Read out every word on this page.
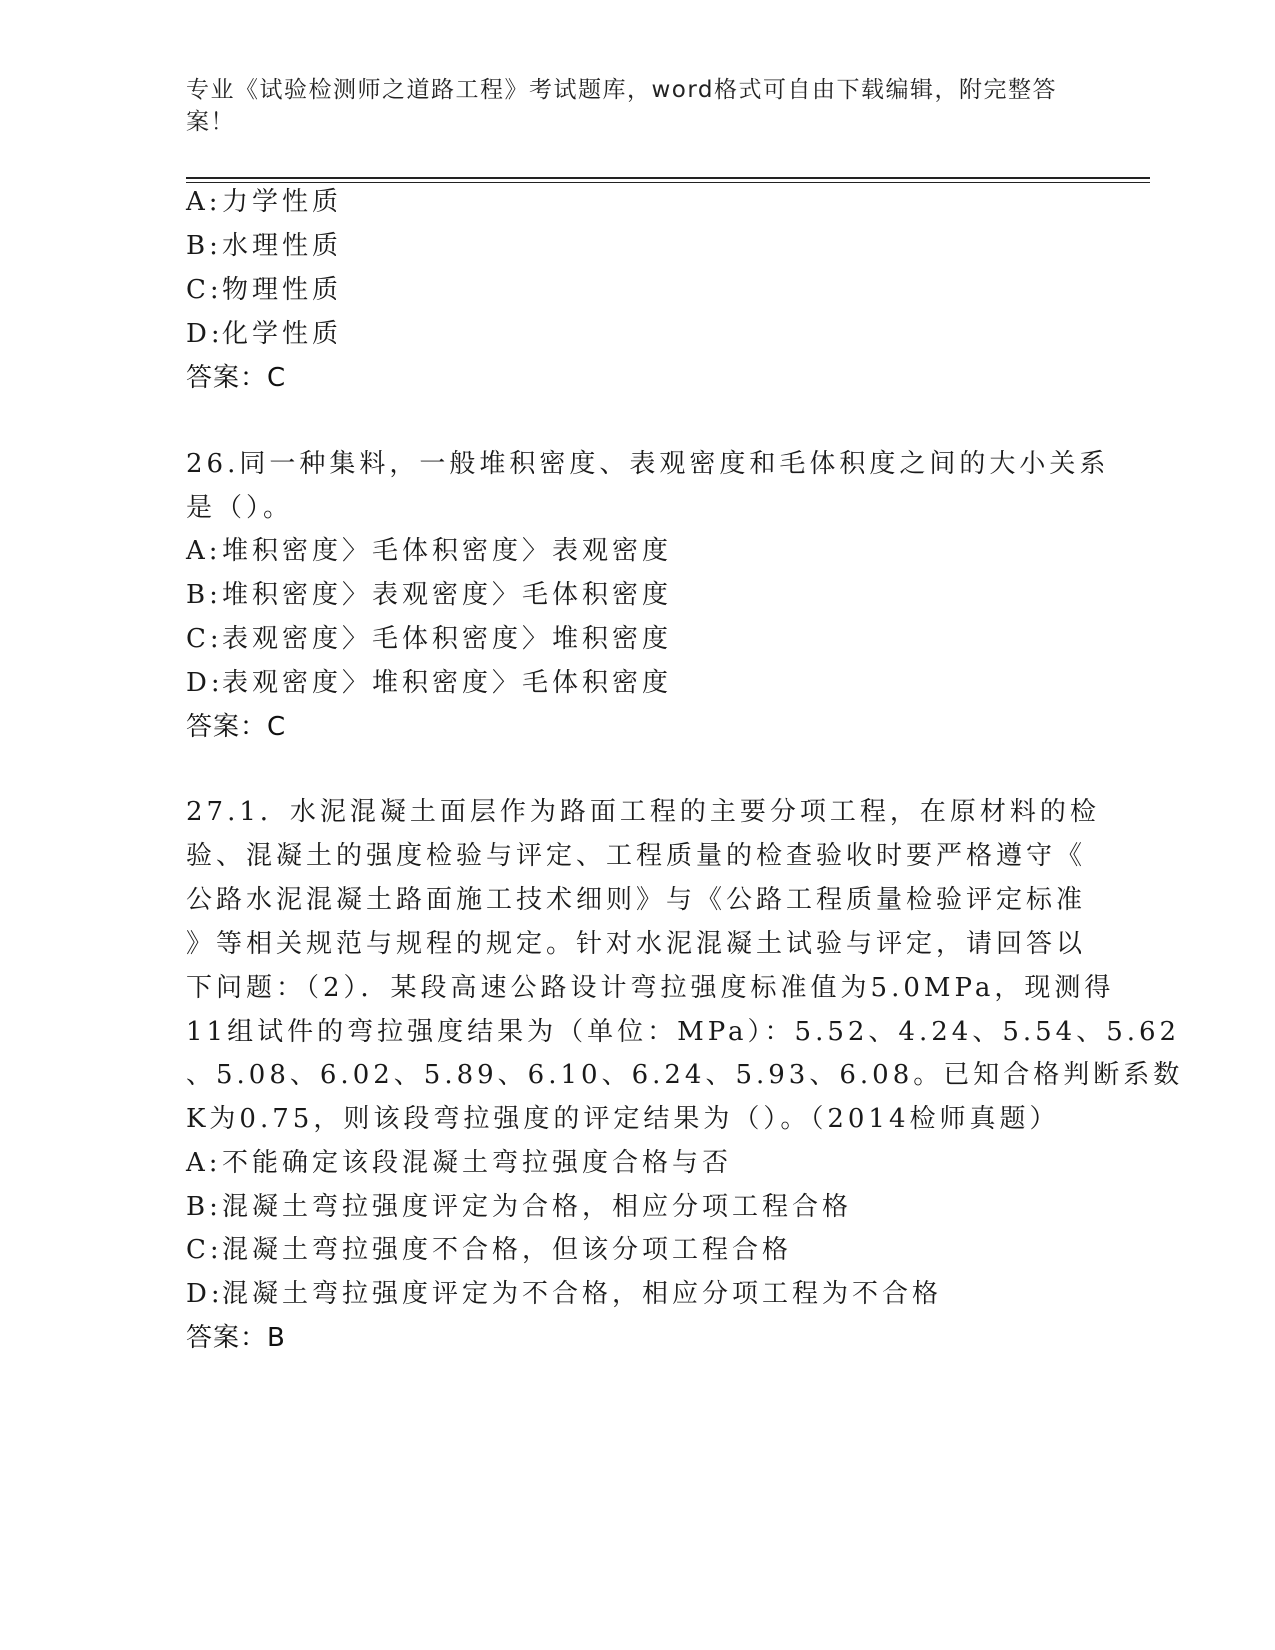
专业《试验检测师之道路工程》考试题库，word格式可自由下载编辑，附完整答案！
A:力学性质
B:水理性质
C:物理性质
D:化学性质
答案：C
26.同一种集料，一般堆积密度、表观密度和毛体积度之间的大小关系
是（）。
A:堆积密度〉毛体积密度〉表观密度
B:堆积密度〉表观密度〉毛体积密度
C:表观密度〉毛体积密度〉堆积密度
D:表观密度〉堆积密度〉毛体积密度
答案：C
27.1．水泥混凝土面层作为路面工程的主要分项工程，在原材料的检
验、混凝土的强度检验与评定、工程质量的检查验收时要严格遵守《
公路水泥混凝土路面施工技术细则》与《公路工程质量检验评定标准
》等相关规范与规程的规定。针对水泥混凝土试验与评定，请回答以
下问题：（2）．某段高速公路设计弯拉强度标准值为5.0MPa，现测得
11组试件的弯拉强度结果为（单位：MPa）：5.52、4.24、5.54、5.62
、5.08、6.02、5.89、6.10、6.24、5.93、6.08。已知合格判断系数
K为0.75，则该段弯拉强度的评定结果为（）。（2014检师真题）
A:不能确定该段混凝土弯拉强度合格与否
B:混凝土弯拉强度评定为合格，相应分项工程合格
C:混凝土弯拉强度不合格，但该分项工程合格
D:混凝土弯拉强度评定为不合格，相应分项工程为不合格
答案：B
